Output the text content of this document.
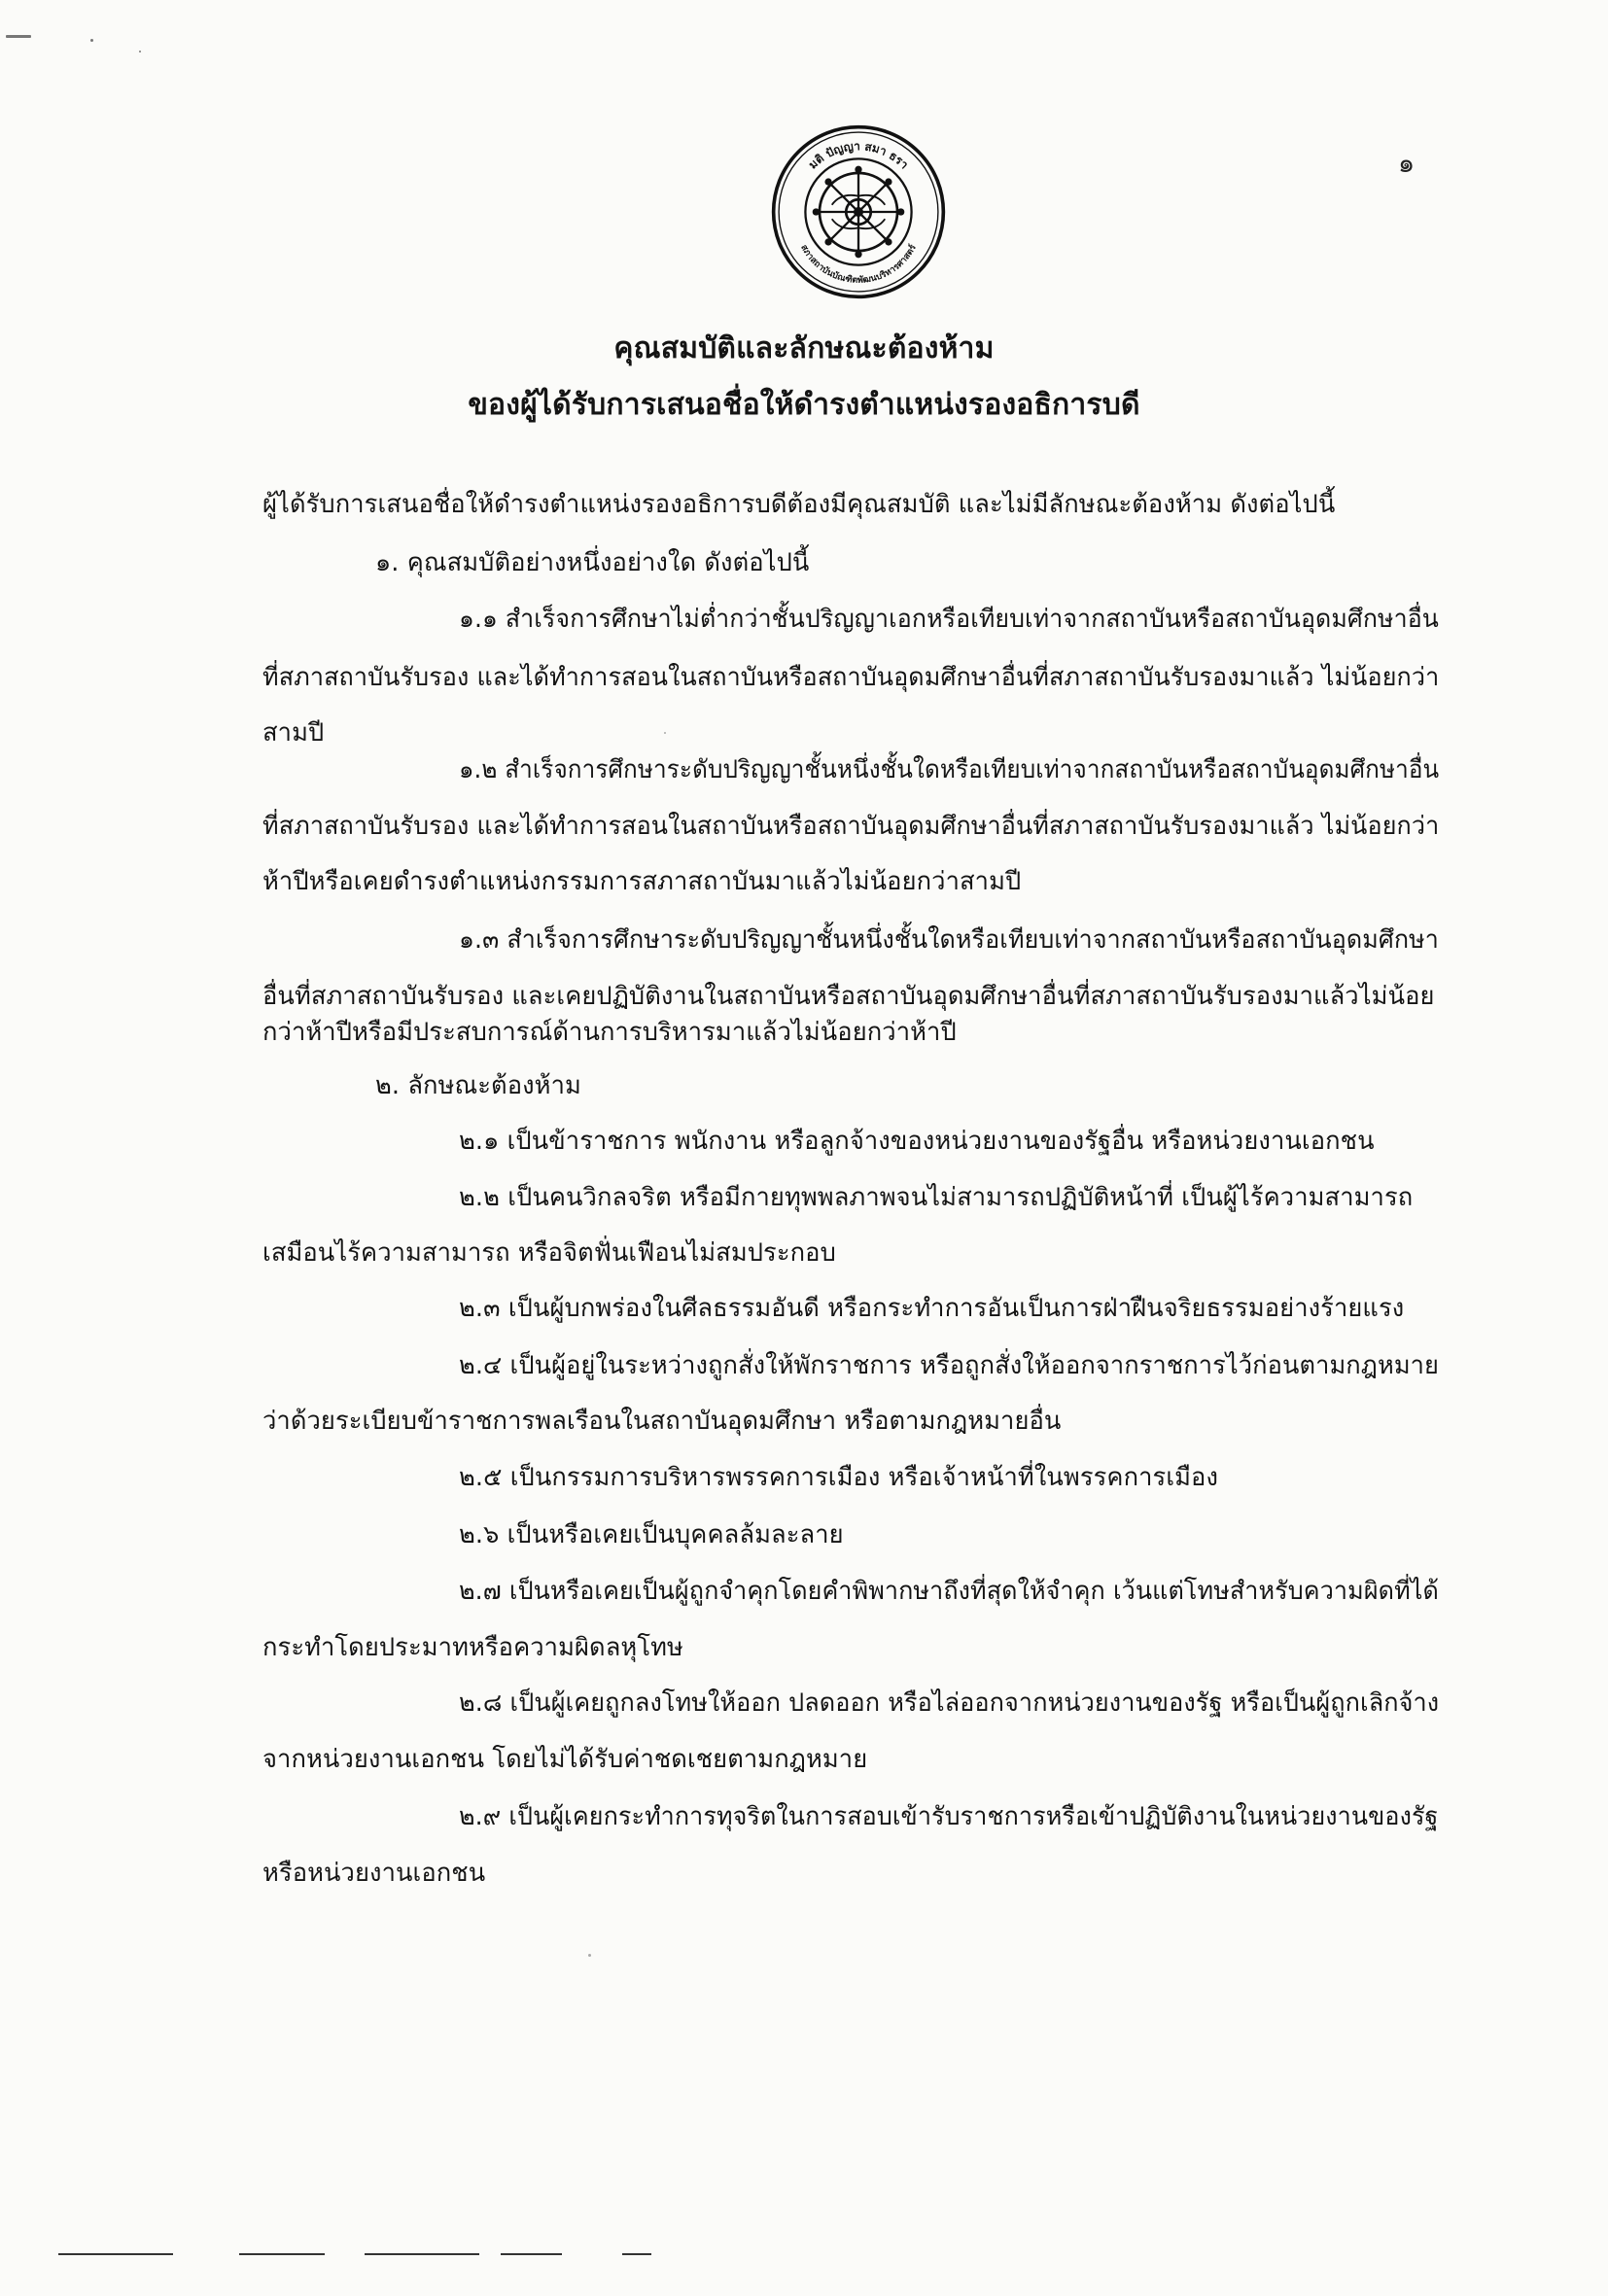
๑
มติ ปัญญา สมา ธรา
สภาสถาบันบัณฑิตพัฒนบริหารศาสตร์
คุณสมบัติและลักษณะต้องห้าม
ของผู้ได้รับการเสนอชื่อให้ดำรงตำแหน่งรองอธิการบดี
ผู้ได้รับการเสนอชื่อให้ดำรงตำแหน่งรองอธิการบดีต้องมีคุณสมบัติ และไม่มีลักษณะต้องห้าม ดังต่อไปนี้
๑. คุณสมบัติอย่างหนึ่งอย่างใด ดังต่อไปนี้
๑.๑ สำเร็จการศึกษาไม่ต่ำกว่าชั้นปริญญาเอกหรือเทียบเท่าจากสถาบันหรือสถาบันอุดมศึกษาอื่น
ที่สภาสถาบันรับรอง และได้ทำการสอนในสถาบันหรือสถาบันอุดมศึกษาอื่นที่สภาสถาบันรับรองมาแล้ว ไม่น้อยกว่า
สามปี
๑.๒ สำเร็จการศึกษาระดับปริญญาชั้นหนึ่งชั้นใดหรือเทียบเท่าจากสถาบันหรือสถาบันอุดมศึกษาอื่น
ที่สภาสถาบันรับรอง และได้ทำการสอนในสถาบันหรือสถาบันอุดมศึกษาอื่นที่สภาสถาบันรับรองมาแล้ว ไม่น้อยกว่า
ห้าปีหรือเคยดำรงตำแหน่งกรรมการสภาสถาบันมาแล้วไม่น้อยกว่าสามปี
๑.๓ สำเร็จการศึกษาระดับปริญญาชั้นหนึ่งชั้นใดหรือเทียบเท่าจากสถาบันหรือสถาบันอุดมศึกษา
อื่นที่สภาสถาบันรับรอง และเคยปฏิบัติงานในสถาบันหรือสถาบันอุดมศึกษาอื่นที่สภาสถาบันรับรองมาแล้วไม่น้อย
กว่าห้าปีหรือมีประสบการณ์ด้านการบริหารมาแล้วไม่น้อยกว่าห้าปี
๒. ลักษณะต้องห้าม
๒.๑ เป็นข้าราชการ พนักงาน หรือลูกจ้างของหน่วยงานของรัฐอื่น หรือหน่วยงานเอกชน
๒.๒ เป็นคนวิกลจริต หรือมีกายทุพพลภาพจนไม่สามารถปฏิบัติหน้าที่ เป็นผู้ไร้ความสามารถ
เสมือนไร้ความสามารถ หรือจิตฟั่นเฟือนไม่สมประกอบ
๒.๓ เป็นผู้บกพร่องในศีลธรรมอันดี หรือกระทำการอันเป็นการฝ่าฝืนจริยธรรมอย่างร้ายแรง
๒.๔ เป็นผู้อยู่ในระหว่างถูกสั่งให้พักราชการ หรือถูกสั่งให้ออกจากราชการไว้ก่อนตามกฎหมาย
ว่าด้วยระเบียบข้าราชการพลเรือนในสถาบันอุดมศึกษา หรือตามกฎหมายอื่น
๒.๕ เป็นกรรมการบริหารพรรคการเมือง หรือเจ้าหน้าที่ในพรรคการเมือง
๒.๖ เป็นหรือเคยเป็นบุคคลล้มละลาย
๒.๗ เป็นหรือเคยเป็นผู้ถูกจำคุกโดยคำพิพากษาถึงที่สุดให้จำคุก เว้นแต่โทษสำหรับความผิดที่ได้
กระทำโดยประมาทหรือความผิดลหุโทษ
๒.๘ เป็นผู้เคยถูกลงโทษให้ออก ปลดออก หรือไล่ออกจากหน่วยงานของรัฐ หรือเป็นผู้ถูกเลิกจ้าง
จากหน่วยงานเอกชน โดยไม่ได้รับค่าชดเชยตามกฎหมาย
๒.๙ เป็นผู้เคยกระทำการทุจริตในการสอบเข้ารับราชการหรือเข้าปฏิบัติงานในหน่วยงานของรัฐ
หรือหน่วยงานเอกชน
